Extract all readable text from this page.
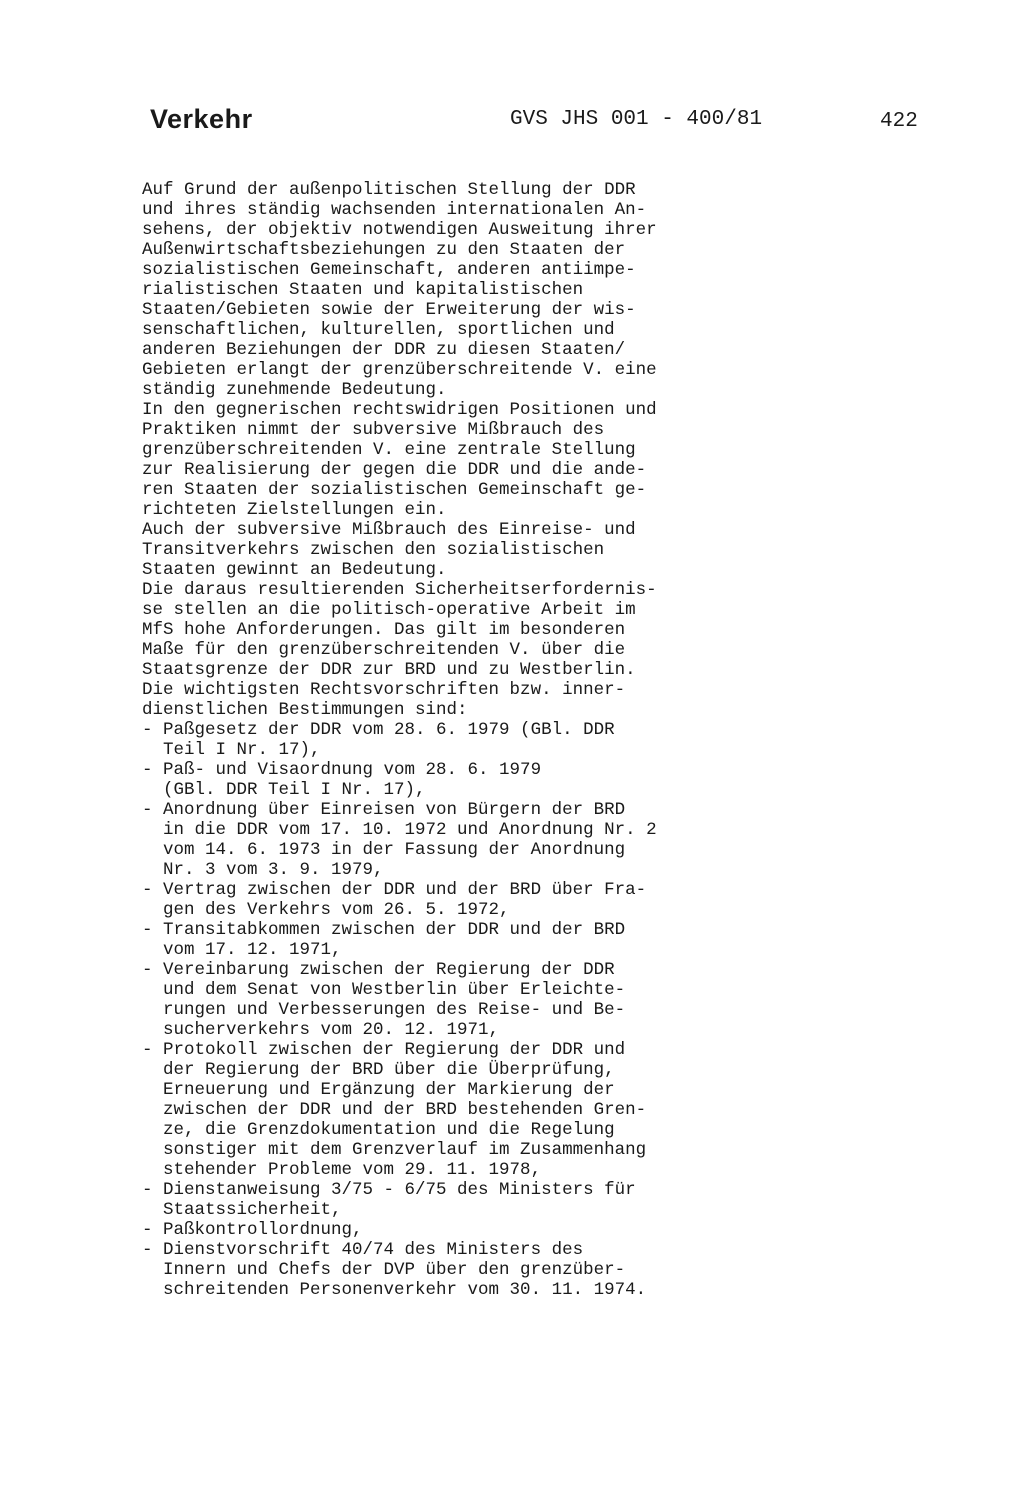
Verkehr	GVS JHS 001 - 400/81	422
Auf Grund der außenpolitischen Stellung der DDR
und ihres ständig wachsenden internationalen An-
sehens, der objektiv notwendigen Ausweitung ihrer
Außenwirtschaftsbeziehungen zu den Staaten der
sozialistischen Gemeinschaft, anderen antiimpe-
rialistischen Staaten und kapitalistischen
Staaten/Gebieten sowie der Erweiterung der wis-
senschaftlichen, kulturellen, sportlichen und
anderen Beziehungen der DDR zu diesen Staaten/
Gebieten erlangt der grenzüberschreitende V. eine
ständig zunehmende Bedeutung.
In den gegnerischen rechtswidrigen Positionen und
Praktiken nimmt der subversive Mißbrauch des
grenzüberschreitenden V. eine zentrale Stellung
zur Realisierung der gegen die DDR und die ande-
ren Staaten der sozialistischen Gemeinschaft ge-
richteten Zielstellungen ein.
Auch der subversive Mißbrauch des Einreise- und
Transitverkehrs zwischen den sozialistischen
Staaten gewinnt an Bedeutung.
Die daraus resultierenden Sicherheitserfordernis-
se stellen an die politisch-operative Arbeit im
MfS hohe Anforderungen. Das gilt im besonderen
Maße für den grenzüberschreitenden V. über die
Staatsgrenze der DDR zur BRD und zu Westberlin.
Die wichtigsten Rechtsvorschriften bzw. inner-
dienstlichen Bestimmungen sind:
- Paßgesetz der DDR vom 28. 6. 1979 (GBl. DDR
Teil I Nr. 17),
- Paß- und Visaordnung vom 28. 6. 1979
(GBl. DDR Teil I Nr. 17),
- Anordnung über Einreisen von Bürgern der BRD
in die DDR vom 17. 10. 1972 und Anordnung Nr. 2
vom 14. 6. 1973 in der Fassung der Anordnung
Nr. 3 vom 3. 9. 1979,
- Vertrag zwischen der DDR und der BRD über Fra-
gen des Verkehrs vom 26. 5. 1972,
- Transitabkommen zwischen der DDR und der BRD
vom 17. 12. 1971,
- Vereinbarung zwischen der Regierung der DDR
und dem Senat von Westberlin über Erleichte-
rungen und Verbesserungen des Reise- und Be-
sucherverkehrs vom 20. 12. 1971,
- Protokoll zwischen der Regierung der DDR und
der Regierung der BRD über die Überprüfung,
Erneuerung und Ergänzung der Markierung der
zwischen der DDR und der BRD bestehenden Gren-
ze, die Grenzdokumentation und die Regelung
sonstiger mit dem Grenzverlauf im Zusammenhang
stehender Probleme vom 29. 11. 1978,
- Dienstanweisung 3/75 - 6/75 des Ministers für
Staatssicherheit,
- Paßkontrollordnung,
- Dienstvorschrift 40/74 des Ministers des
Innern und Chefs der DVP über den grenzüber-
schreitenden Personenverkehr vom 30. 11. 1974.
